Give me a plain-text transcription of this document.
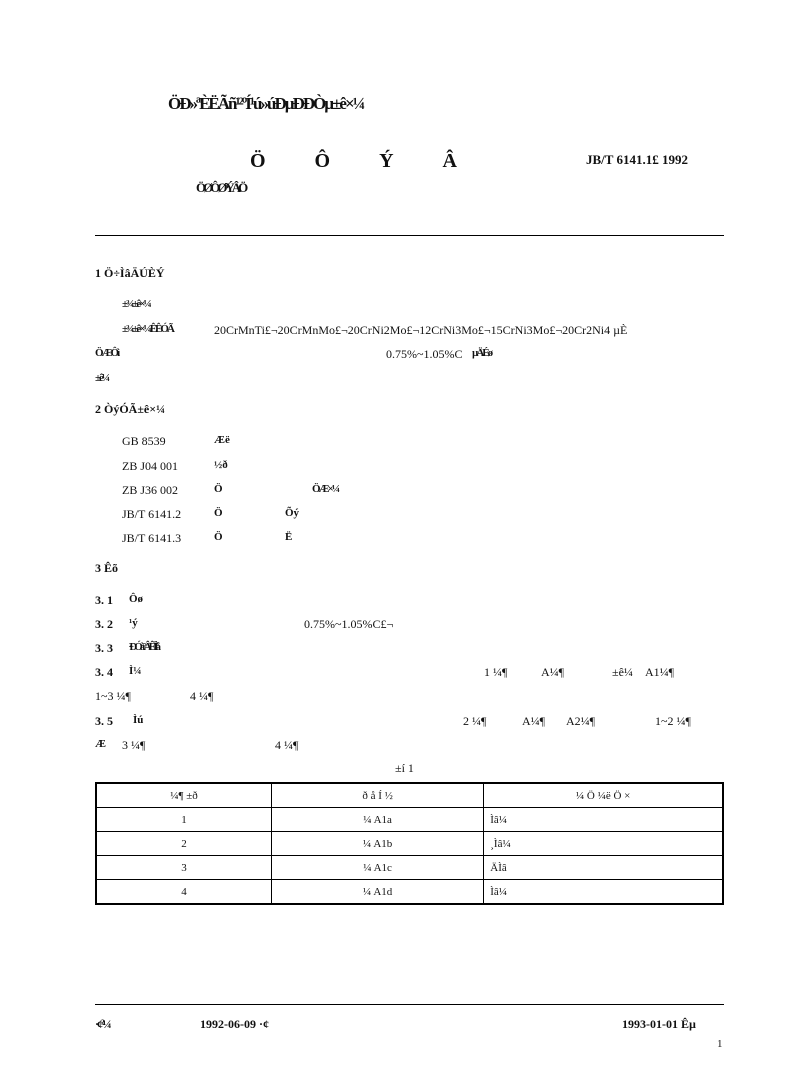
ÖÐ»ªÈËÃñ¹²ºÍ¹ú»úÐµÐÐÒµ±ê×¼
Ö Ô Ý Â	JB/T 6141.1£ 1992
ÖØÔØ³ÝÂÖ
1 Ö÷ÌâÄÚÈÝ
±¾±ê×¼
±¾±ê×¼ÊÊÓÃ	20CrMnTi£¬20CrMnMo£¬20CrNi2Mo£¬12CrNi3Mo£¬15CrNi3Mo£¬20Cr2Ni4 µÈ
ÖÆÔì	0.75%~1.05%C µÄÉø
±ê¼
2 ÒýÓÃ±ê×¼
GB 8539	Æë
ZB J04 001	½ð
ZB J36 002	Ö	ÖÆ×¼
JB/T 6141.2	Ö	Õý
JB/T 6141.3	Ö	Ë
3 Êõ
3. 1 Ôø
3. 2 ¹ý	0.75%~1.05%C£¬
3. 3 ²ÐÓà°ÂÊÏÌå
3. 4 Ì¼	1 ¼¶	A¼¶	±ê¼ A1¼¶
1~3 ¼¶	4 ¼¶
3. 5 Ìú	2 ¼¶	A¼¶ A2¼¶	1~2 ¼¶
Æ 3 ¼¶	4 ¼¶
±í 1
¼¶ ±ð	ð å Í ½	¼ Ö ¼ë Ö ×
1	¼ A1a	Ìâ¼
2	¼ A1b	¸Ìâ¼
3	¼ A1c	ÄÌâ
4	¼ A1d	Ìâ¼
·¢²¼	1992-06-09 ·¢	1993-01-01 Êµ
1
